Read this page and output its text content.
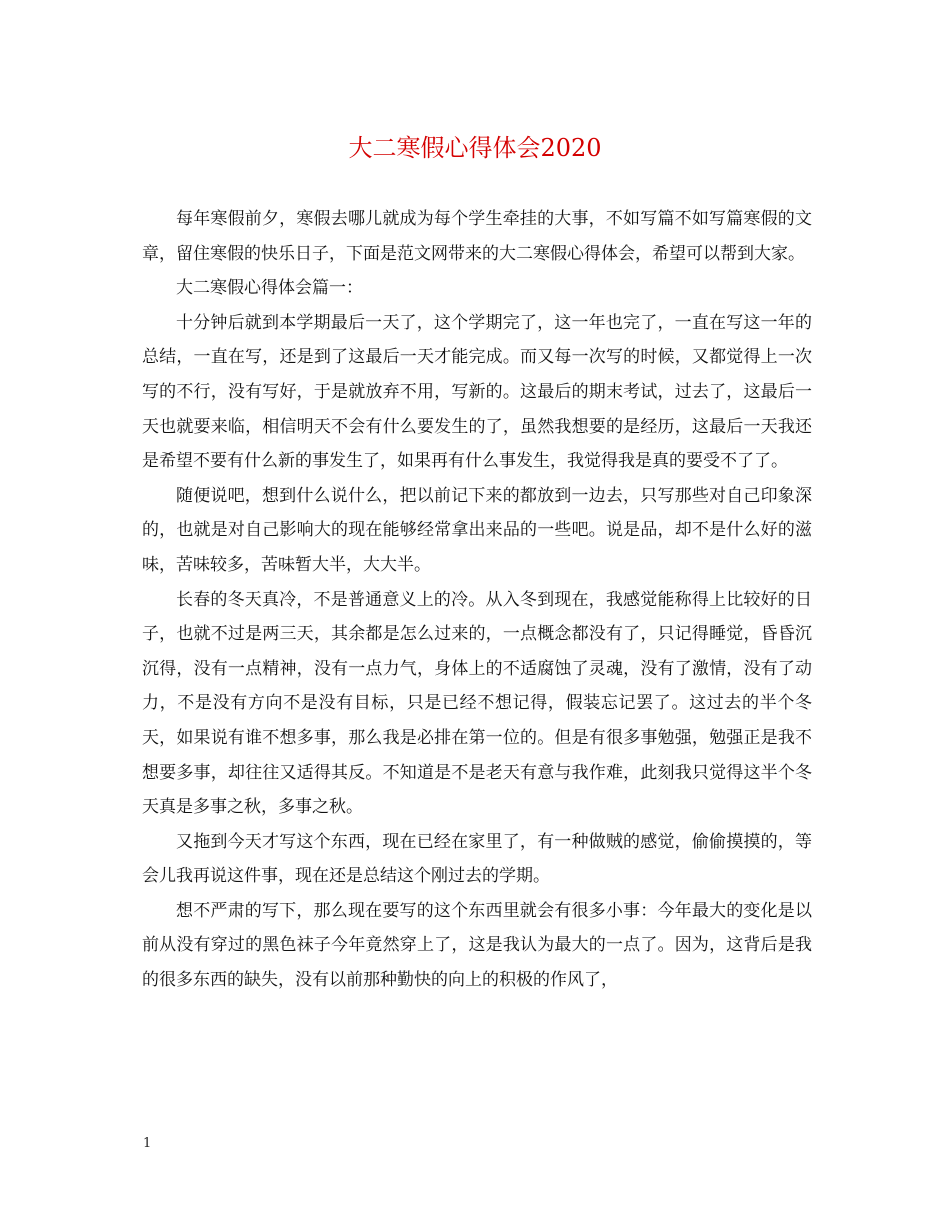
大二寒假心得体会2020

每年寒假前夕，寒假去哪儿就成为每个学生牵挂的大事，不如写篇不如写篇寒假的文章，留住寒假的快乐日子，下面是范文网带来的大二寒假心得体会，希望可以帮到大家。

大二寒假心得体会篇一：

十分钟后就到本学期最后一天了，这个学期完了，这一年也完了，一直在写这一年的总结，一直在写，还是到了这最后一天才能完成。而又每一次写的时候，又都觉得上一次写的不行，没有写好，于是就放弃不用，写新的。这最后的期末考试，过去了，这最后一天也就要来临，相信明天不会有什么要发生的了，虽然我想要的是经历，这最后一天我还是希望不要有什么新的事发生了，如果再有什么事发生，我觉得我是真的要受不了了。

随便说吧，想到什么说什么，把以前记下来的都放到一边去，只写那些对自己印象深的，也就是对自己影响大的现在能够经常拿出来品的一些吧。说是品，却不是什么好的滋味，苦味较多，苦味暂大半，大大半。

长春的冬天真冷，不是普通意义上的冷。从入冬到现在，我感觉能称得上比较好的日子，也就不过是两三天，其余都是怎么过来的，一点概念都没有了，只记得睡觉，昏昏沉沉得，没有一点精神，没有一点力气，身体上的不适腐蚀了灵魂，没有了激情，没有了动力，不是没有方向不是没有目标，只是已经不想记得，假装忘记罢了。这过去的半个冬天，如果说有谁不想多事，那么我是必排在第一位的。但是有很多事勉强，勉强正是我不想要多事，却往往又适得其反。不知道是不是老天有意与我作难，此刻我只觉得这半个冬天真是多事之秋，多事之秋。

又拖到今天才写这个东西，现在已经在家里了，有一种做贼的感觉，偷偷摸摸的，等会儿我再说这件事，现在还是总结这个刚过去的学期。

想不严肃的写下，那么现在要写的这个东西里就会有很多小事：今年最大的变化是以前从没有穿过的黑色袜子今年竟然穿上了，这是我认为最大的一点了。因为，这背后是我的很多东西的缺失，没有以前那种勤快的向上的积极的作风了，

1
